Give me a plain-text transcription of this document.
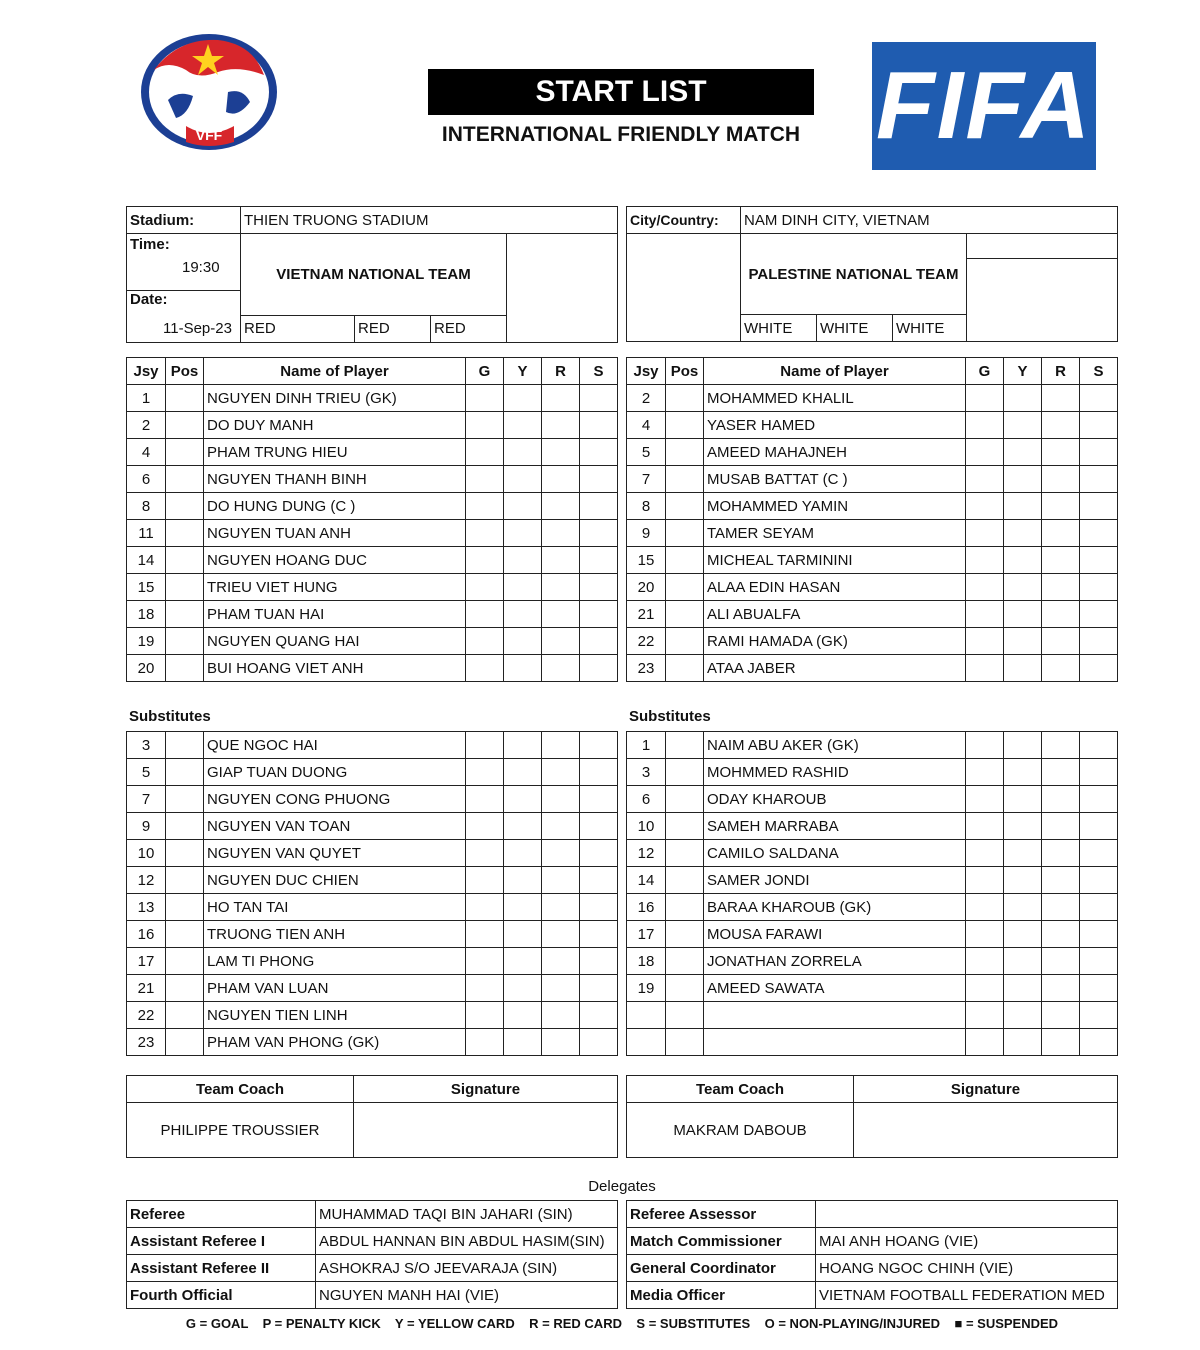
VFF
START LIST
INTERNATIONAL FRIENDLY MATCH FIFA
Stadium:	THIEN TRUONG STADIUM			

Time:
19:30	VIETNAM NATIONAL TEAM			
Date:				
11-Sep-23	RED	RED	RED	
City/Country:	NAM DINH CITY, VIETNAM			
	PALESTINE NATIONAL TEAM			

	WHITE	WHITE	WHITE	
Jsy	Pos	Name of Player	G	Y	R	S
1		NGUYEN DINH TRIEU (GK)				
2		DO DUY MANH				
4		PHAM TRUNG HIEU				
6		NGUYEN THANH BINH				
8		DO HUNG DUNG (C )				
11		NGUYEN TUAN ANH				
14		NGUYEN HOANG DUC				
15		TRIEU VIET HUNG				
18		PHAM TUAN HAI				
19		NGUYEN QUANG HAI				
20		BUI HOANG VIET ANH				
Jsy	Pos	Name of Player	G	Y	R	S
2		MOHAMMED KHALIL				
4		YASER HAMED				
5		AMEED MAHAJNEH				
7		MUSAB BATTAT (C )				
8		MOHAMMED YAMIN				
9		TAMER SEYAM				
15		MICHEAL TARMININI				
20		ALAA EDIN HASAN				
21		ALI ABUALFA				
22		RAMI HAMADA (GK)				
23		ATAA JABER				
Substitutes	Substitutes
3		QUE NGOC HAI				
5		GIAP TUAN DUONG				
7		NGUYEN CONG PHUONG				
9		NGUYEN VAN TOAN				
10		NGUYEN VAN QUYET				
12		NGUYEN DUC CHIEN				
13		HO TAN TAI				
16		TRUONG TIEN ANH				
17		LAM TI PHONG				
21		PHAM VAN LUAN				
22		NGUYEN TIEN LINH				
23		PHAM VAN PHONG (GK)				
1		NAIM ABU AKER (GK)				
3		MOHMMED RASHID				
6		ODAY KHAROUB				
10		SAMEH MARRABA				
12		CAMILO SALDANA				
14		SAMER JONDI				
16		BARAA KHAROUB (GK)				
17		MOUSA FARAWI				
18		JONATHAN ZORRELA				
19		AMEED SAWATA				

Team Coach	Signature
PHILIPPE TROUSSIER	
Team Coach	Signature
MAKRAM DABOUB	
Delegates
Referee	MUHAMMAD TAQI BIN JAHARI (SIN)
Assistant Referee I	ABDUL HANNAN BIN ABDUL HASIM(SIN)
Assistant Referee II	ASHOKRAJ S/O JEEVARAJA (SIN)
Fourth Official	NGUYEN MANH HAI (VIE)
Referee Assessor	
Match Commissioner	MAI ANH HOANG (VIE)
General Coordinator	HOANG NGOC CHINH (VIE)
Media Officer	VIETNAM FOOTBALL FEDERATION MED
G = GOAL    P = PENALTY KICK    Y = YELLOW CARD    R = RED CARD    S = SUBSTITUTES    O = NON-PLAYING/INJURED    ■ = SUSPENDED
